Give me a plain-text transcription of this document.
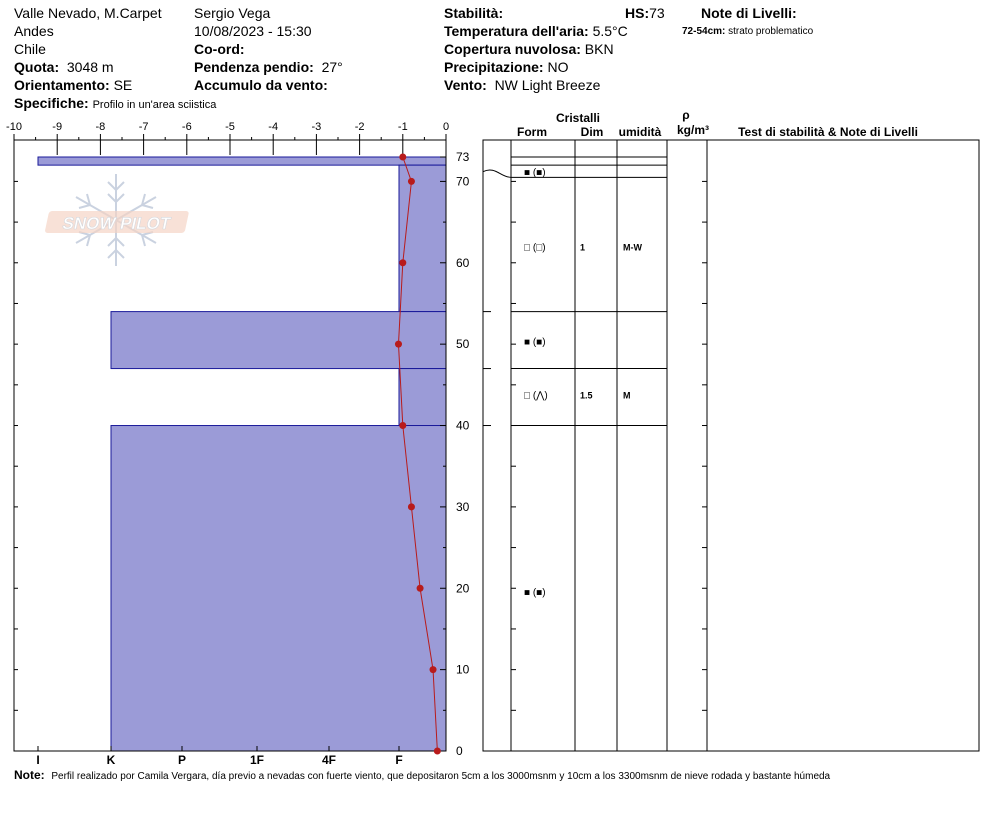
Valle Nevado, M.Carpet
Andes
Chile
Quota: 3048 m
Orientamento: SE
Specifiche: Profilo in un'area sciistica
Sergio Vega
10/08/2023 - 15:30
Co-ord:
Pendenza pendio: 27°
Accumulo da vento:
Stabilità:	HS:73
Temperatura dell'aria: 5.5°C
Copertura nuvolosa: BKN
Precipitazione: NO
Vento: NW Light Breeze
Note di Livelli:
72-54cm: strato problematico
SNOW PILOT
-10	-9	-8	-7	-6	-5	-4	-3	-2	-1	0
I	K	P	1F	4F	F
0
10
20
30
40
50
60
70
73
Cristalli
Form	Dim umidità
ρ
kg/m³ Test di stabilità & Note di Livelli
■ (■)
□ (□)	1	M-W
■ (■)
□ (⋀)	1.5	M
■ (■)
Note: Perfil realizado por Camila Vergara, día previo a nevadas con fuerte viento, que depositaron 5cm a los 3000msnm y 10cm a los 3300msnm de nieve rodada y bastante húmeda
